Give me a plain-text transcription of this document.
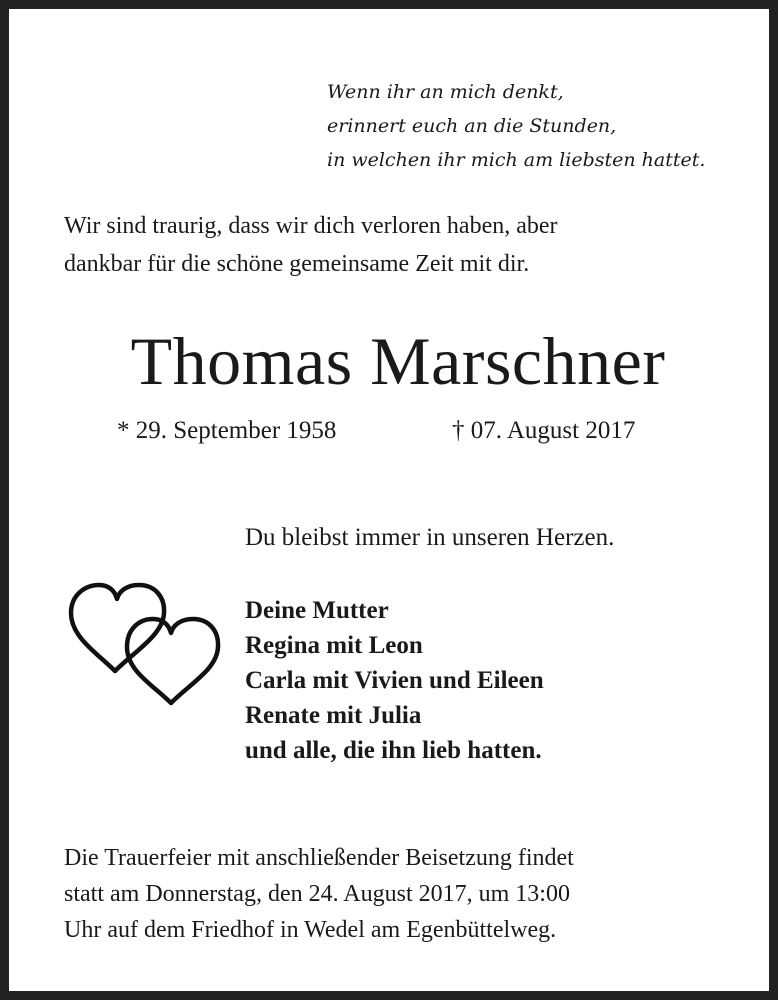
Wenn ihr an mich denkt,
erinnert euch an die Stunden,
in welchen ihr mich am liebsten hattet.
Wir sind traurig, dass wir dich verloren haben, aber
dankbar für die schöne gemeinsame Zeit mit dir.
Thomas Marschner
* 29. September 1958	† 07. August 2017
Du bleibst immer in unseren Herzen.
Deine Mutter
Regina mit Leon
Carla mit Vivien und Eileen
Renate mit Julia
und alle, die ihn lieb hatten.
Die Trauerfeier mit anschließender Beisetzung findet
statt am Donnerstag, den 24. August 2017, um 13:00
Uhr auf dem Friedhof in Wedel am Egenbüttelweg.
